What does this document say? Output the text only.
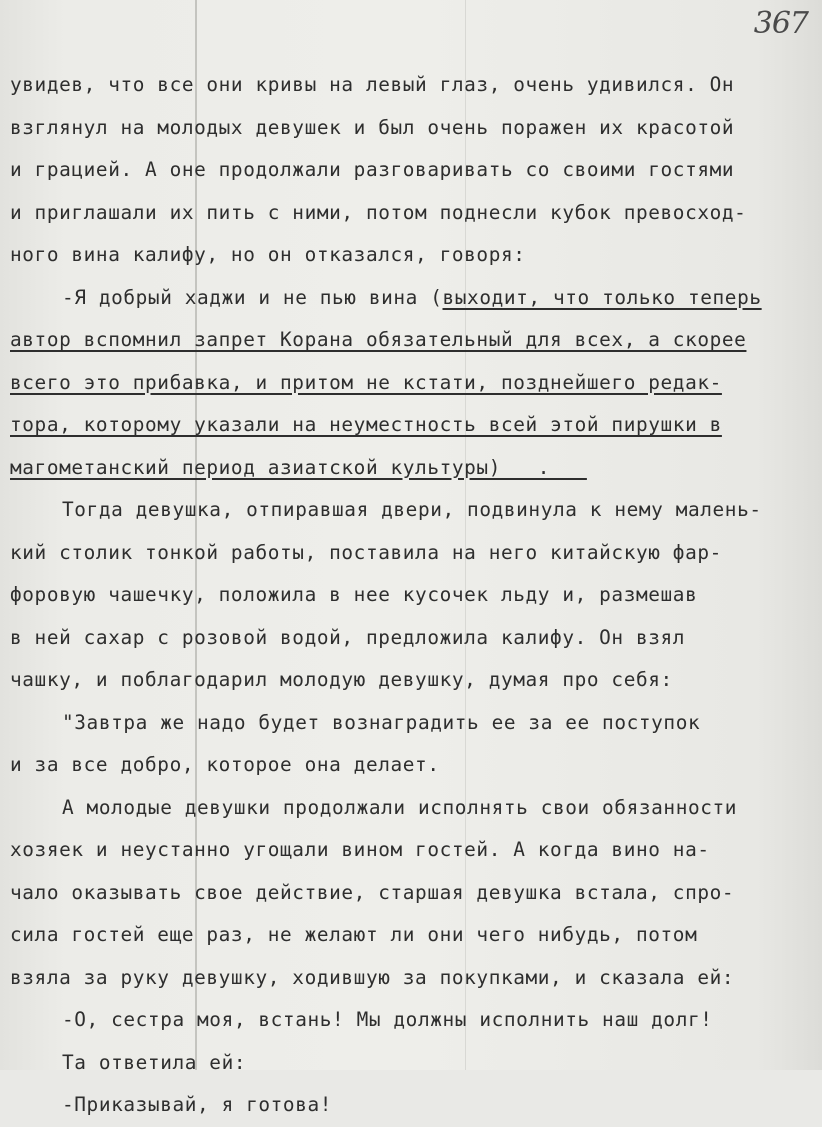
367
увидев, что все они кривы на левый глаз, очень удивился. Он
взглянул на молодых девушек и был очень поражен их красотой
и грацией. А оне продолжали разговаривать со своими гостями
и приглашали их пить с ними, потом поднесли кубок превосход-
ного вина калифу, но он отказался, говоря:
-Я добрый хаджи и не пью вина (выходит, что только теперь
автор вспомнил запрет Корана обязательный для всех, а скорее
всего это прибавка, и притом не кстати, позднейшего редак-
тора, которому указали на неуместность всей этой пирушки в
магометанский период азиатской культуры)   .
Тогда девушка, отпиравшая двери, подвинула к нему малень-
кий столик тонкой работы, поставила на него китайскую фар-
форовую чашечку, положила в нее кусочек льду и, размешав
в ней сахар с розовой водой, предложила калифу. Он взял
чашку, и поблагодарил молодую девушку, думая про себя:
"Завтра же надо будет вознаградить ее за ее поступок
и за все добро, которое она делает.
А молодые девушки продолжали исполнять свои обязанности
хозяек и неустанно угощали вином гостей. А когда вино на-
чало оказывать свое действие, старшая девушка встала, спро-
сила гостей еще раз, не желают ли они чего нибудь, потом
взяла за руку девушку, ходившую за покупками, и сказала ей:
-О, сестра моя, встань! Мы должны исполнить наш долг!
Та ответила ей:
-Приказывай, я готова!
